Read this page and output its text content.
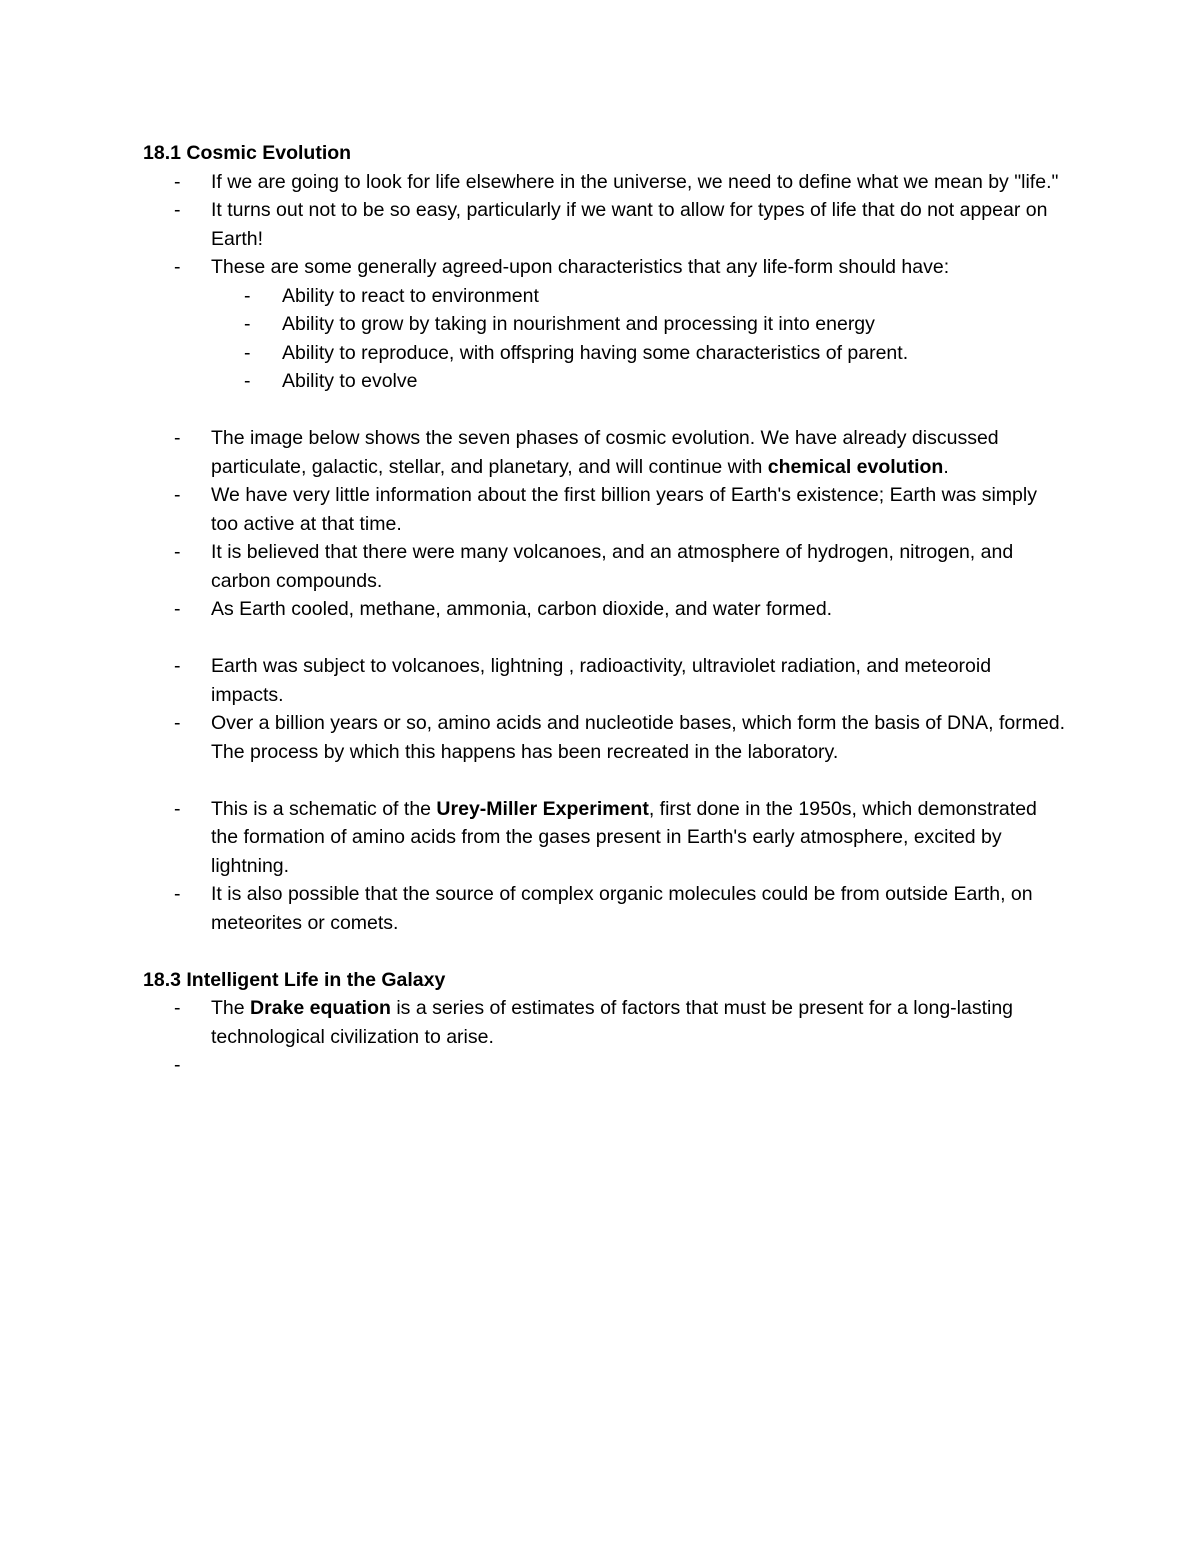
18.1 Cosmic Evolution
- If we are going to look for life elsewhere in the universe, we need to define what we mean by "life."
- It turns out not to be so easy, particularly if we want to allow for types of life that do not appear on Earth!
- These are some generally agreed-upon characteristics that any life-form should have:
- Ability to react to environment
- Ability to grow by taking in nourishment and processing it into energy
- Ability to reproduce, with offspring having some characteristics of parent.
- Ability to evolve
- The image below shows the seven phases of cosmic evolution. We have already discussed particulate, galactic, stellar, and planetary, and will continue with chemical evolution.
- We have very little information about the first billion years of Earth's existence; Earth was simply too active at that time.
- It is believed that there were many volcanoes, and an atmosphere of hydrogen, nitrogen, and carbon compounds.
- As Earth cooled, methane, ammonia, carbon dioxide, and water formed.
- Earth was subject to volcanoes, lightning , radioactivity, ultraviolet radiation, and meteoroid impacts.
- Over a billion years or so, amino acids and nucleotide bases, which form the basis of DNA, formed. The process by which this happens has been recreated in the laboratory.
- This is a schematic of the Urey-Miller Experiment, first done in the 1950s, which demonstrated the formation of amino acids from the gases present in Earth's early atmosphere, excited by lightning.
- It is also possible that the source of complex organic molecules could be from outside Earth, on meteorites or comets.
18.3 Intelligent Life in the Galaxy
- The Drake equation is a series of estimates of factors that must be present for a long-lasting technological civilization to arise.
-
